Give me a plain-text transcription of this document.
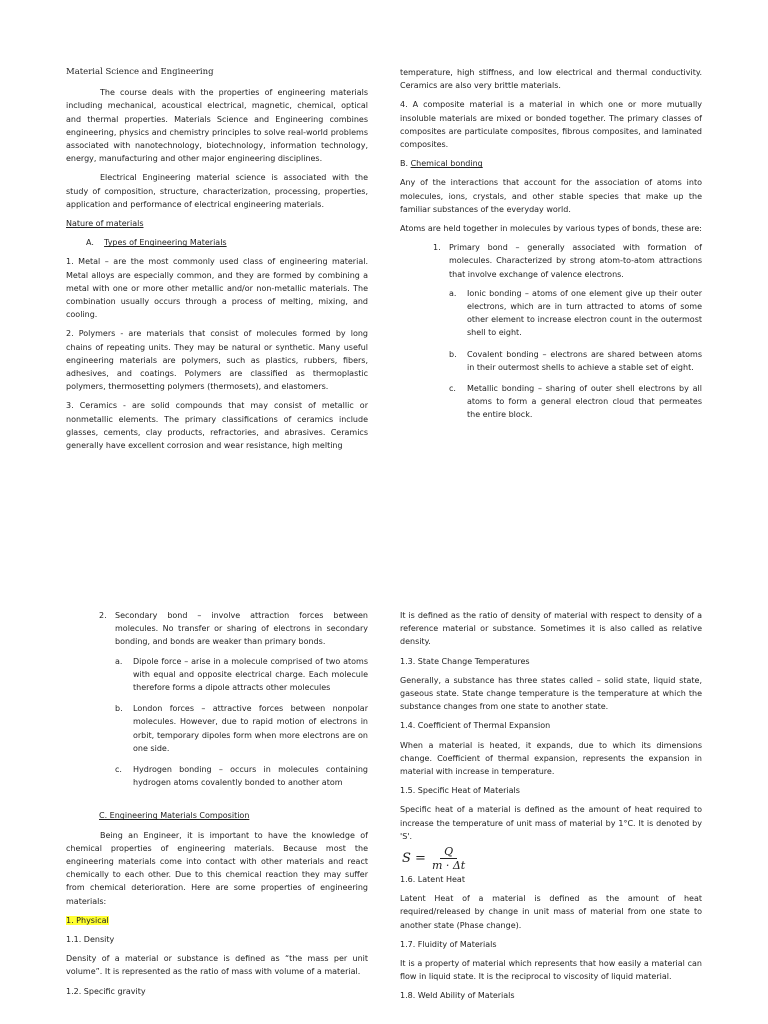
Material Science and Engineering

The course deals with the properties of engineering materials including mechanical, acoustical electrical, magnetic, chemical, optical and thermal properties. Materials Science and Engineering combines engineering, physics and chemistry principles to solve real-world problems associated with nanotechnology, biotechnology, information technology, energy, manufacturing and other major engineering disciplines.

Electrical Engineering material science is associated with the study of composition, structure, characterization, processing, properties, application and performance of electrical engineering materials.

Nature of materials

A. Types of Engineering Materials

1. Metal – are the most commonly used class of engineering material. Metal alloys are especially common, and they are formed by combining a metal with one or more other metallic and/or non-metallic materials. The combination usually occurs through a process of melting, mixing, and cooling.

2. Polymers - are materials that consist of molecules formed by long chains of repeating units. They may be natural or synthetic. Many useful engineering materials are polymers, such as plastics, rubbers, fibers, adhesives, and coatings. Polymers are classified as thermoplastic polymers, thermosetting polymers (thermosets), and elastomers.

3. Ceramics - are solid compounds that may consist of metallic or nonmetallic elements. The primary classifications of ceramics include glasses, cements, clay products, refractories, and abrasives. Ceramics generally have excellent corrosion and wear resistance, high melting

temperature, high stiffness, and low electrical and thermal conductivity. Ceramics are also very brittle materials.

4. A composite material is a material in which one or more mutually insoluble materials are mixed or bonded together. The primary classes of composites are particulate composites, fibrous composites, and laminated composites.

B. Chemical bonding

Any of the interactions that account for the association of atoms into molecules, ions, crystals, and other stable species that make up the familiar substances of the everyday world.

Atoms are held together in molecules by various types of bonds, these are:

1. Primary bond – generally associated with formation of molecules. Characterized by strong atom-to-atom attractions that involve exchange of valence electrons.
a. Ionic bonding – atoms of one element give up their outer electrons, which are in turn attracted to atoms of some other element to increase electron count in the outermost shell to eight.
b. Covalent bonding – electrons are shared between atoms in their outermost shells to achieve a stable set of eight.
c. Metallic bonding – sharing of outer shell electrons by all atoms to form a general electron cloud that permeates the entire block.
2. Secondary bond – involve attraction forces between molecules. No transfer or sharing of electrons in secondary bonding, and bonds are weaker than primary bonds.
a. Dipole force – arise in a molecule comprised of two atoms with equal and opposite electrical charge. Each molecule therefore forms a dipole attracts other molecules
b. London forces – attractive forces between nonpolar molecules. However, due to rapid motion of electrons in orbit, temporary dipoles form when more electrons are on one side.
c. Hydrogen bonding – occurs in molecules containing hydrogen atoms covalently bonded to another atom

C. Engineering Materials Composition

Being an Engineer, it is important to have the knowledge of chemical properties of engineering materials. Because most the engineering materials come into contact with other materials and react chemically to each other. Due to this chemical reaction they may suffer from chemical deterioration. Here are some properties of engineering materials:

1. Physical

1.1. Density

Density of a material or substance is defined as “the mass per unit volume”. It is represented as the ratio of mass with volume of a material.

1.2. Specific gravity

It is defined as the ratio of density of material with respect to density of a reference material or substance. Sometimes it is also called as relative density.

1.3. State Change Temperatures

Generally, a substance has three states called – solid state, liquid state, gaseous state. State change temperature is the temperature at which the substance changes from one state to another state.

1.4. Coefficient of Thermal Expansion

When a material is heated, it expands, due to which its dimensions change. Coefficient of thermal expansion, represents the expansion in material with increase in temperature.

1.5. Specific Heat of Materials

Specific heat of a material is defined as the amount of heat required to increase the temperature of unit mass of material by 1°C. It is denoted by 'S'.

$S = \frac{Q}{m \cdot \Delta t}$

1.6. Latent Heat

Latent Heat of a material is defined as the amount of heat required/released by change in unit mass of material from one state to another state (Phase change).

1.7. Fluidity of Materials

It is a property of material which represents that how easily a material can flow in liquid state. It is the reciprocal to viscosity of liquid material.

1.8. Weld Ability of Materials
